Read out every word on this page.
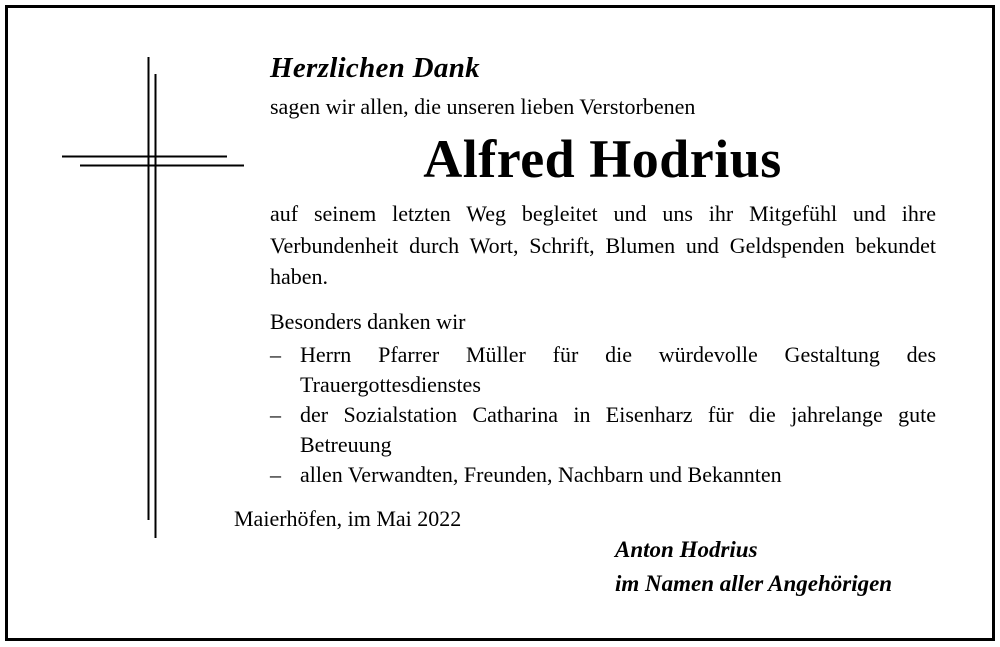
Herzlichen Dank
sagen wir allen, die unseren lieben Verstorbenen
Alfred Hodrius
auf seinem letzten Weg begleitet und uns ihr Mitgefühl und ihre Verbundenheit durch Wort, Schrift, Blumen und Geldspenden bekundet haben.
Besonders danken wir
– Herrn Pfarrer Müller für die würdevolle Gestaltung des Trauergottesdienstes
– der Sozialstation Catharina in Eisenharz für die jahrelange gute Betreuung
– allen Verwandten, Freunden, Nachbarn und Bekannten
Maierhöfen, im Mai 2022
Anton Hodrius
im Namen aller Angehörigen
